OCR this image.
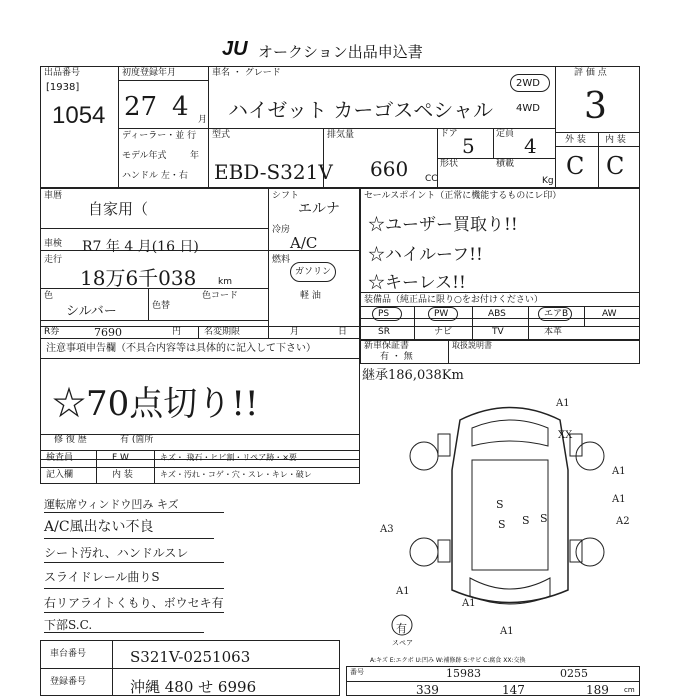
JU オークション出品申込書
出品番号
[1938]
1054
初度登録年月
27 4 月
ディーラー・並 行
モデル年式	年
ハンドル 左・右
車名 ・ グレード
ハイゼット カーゴスペシャル
2WD
4WD
型式
EBD-S321V
排気量
660 CC
ドア 5 定員 4
形状	積載
Kg
評 価 点
3
外 装 内 装
C C
車暦
自家用（
車検 R7 年 4 月(16 日)
走行
18万6千038 km
色
シルバー	色替
色コード
R券	7690	円	名変期限	月	日
シフト
エルナ
冷房
A/C
燃料
ガソリン
軽 油
注意事項申告欄（不具合内容等は具体的に記入して下さい）
☆70点切り!!
修 復 歴	有 (箇所
セールスポイント（正常に機能するものにレ印）
☆ユーザー買取り!!
☆ハイルーフ!!
☆キーレス!!
装備品（純正品に限り○をお付けください）
PS	PW	ABS	エアB	AW
SR	ナビ	TV	本革
新車保証書
有 ・ 無
取扱説明書
継承186,038Km
検査員
記入欄
F W	キズ・ 飛石・ヒビ割・リペア跡・×要
内 装	キズ・汚れ・コゲ・穴・スレ・キレ・破レ
運転席ウィンドウ凹み キズ
A/C風出ない不良
シート汚れ、ハンドルスレ
スライドレール曲りS
右リアライトくもり、ボウセキ有
下部S.C.
A1
XX
A1
A1
A2
A3
A1
A1
S
S
S S
A1
有
スペア
A:キズ E:エクボ U:凹み W:補修跡 S:サビ C:腐食 XX:交換
車台番号	S321V-0251063
登録番号	沖縄 480 せ 6996
番号	15983	0255
339	147	189 cm
